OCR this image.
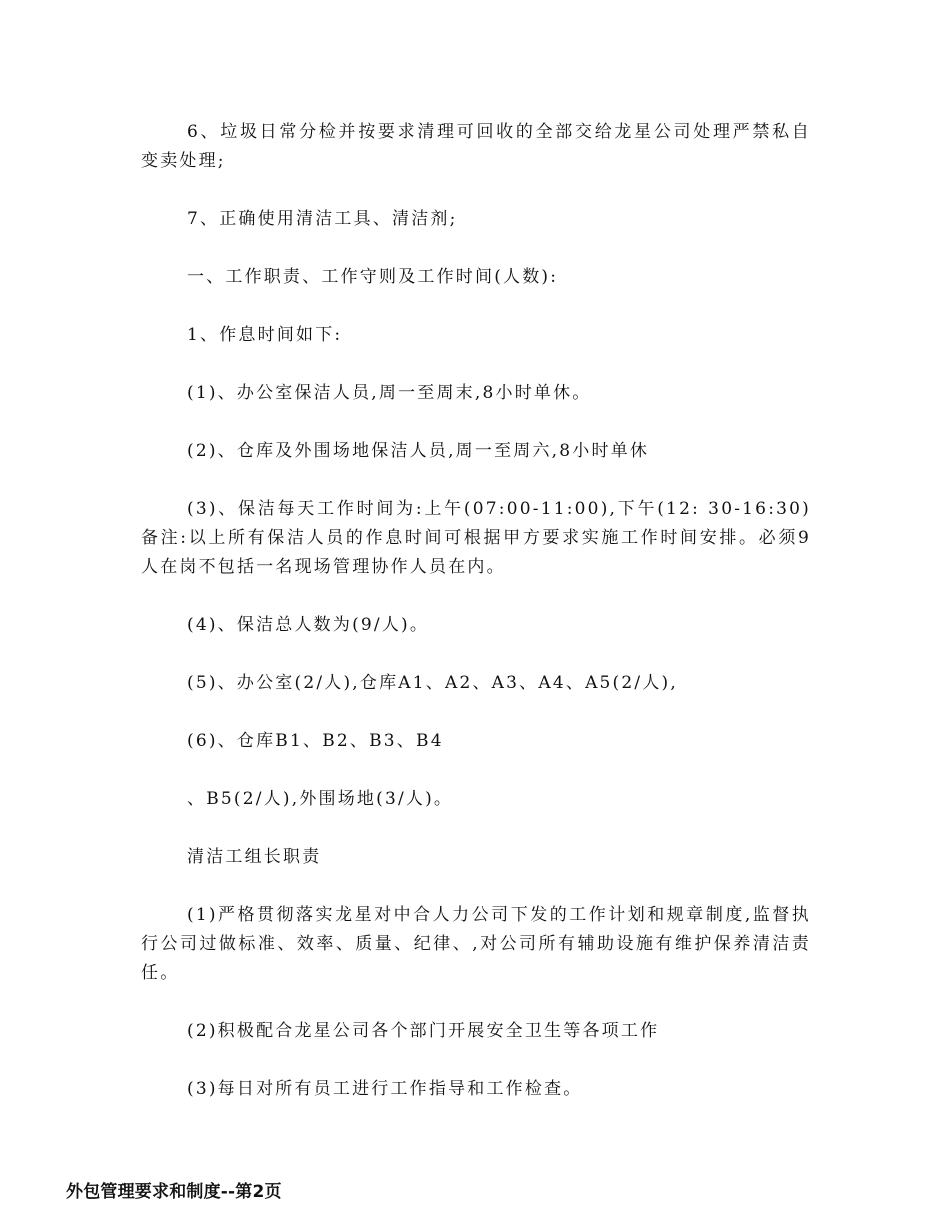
6、垃圾日常分检并按要求清理可回收的全部交给龙星公司处理严禁私自变卖处理;

7、正确使用清洁工具、清洁剂;

一、工作职责、工作守则及工作时间(人数):

1、作息时间如下:

(1)、办公室保洁人员,周一至周末,8小时单休。

(2)、仓库及外围场地保洁人员,周一至周六,8小时单休

(3)、保洁每天工作时间为:上午(07:00-11:00),下午(12: 30-16:30)备注:以上所有保洁人员的作息时间可根据甲方要求实施工作时间安排。必须9人在岗不包括一名现场管理协作人员在内。

(4)、保洁总人数为(9/人)。

(5)、办公室(2/人),仓库A1、A2、A3、A4、A5(2/人),

(6)、仓库B1、B2、B3、B4

、B5(2/人),外围场地(3/人)。

清洁工组长职责

(1)严格贯彻落实龙星对中合人力公司下发的工作计划和规章制度,监督执行公司过做标准、效率、质量、纪律、,对公司所有辅助设施有维护保养清洁责任。

(2)积极配合龙星公司各个部门开展安全卫生等各项工作

(3)每日对所有员工进行工作指导和工作检查。

外包管理要求和制度--第2页
